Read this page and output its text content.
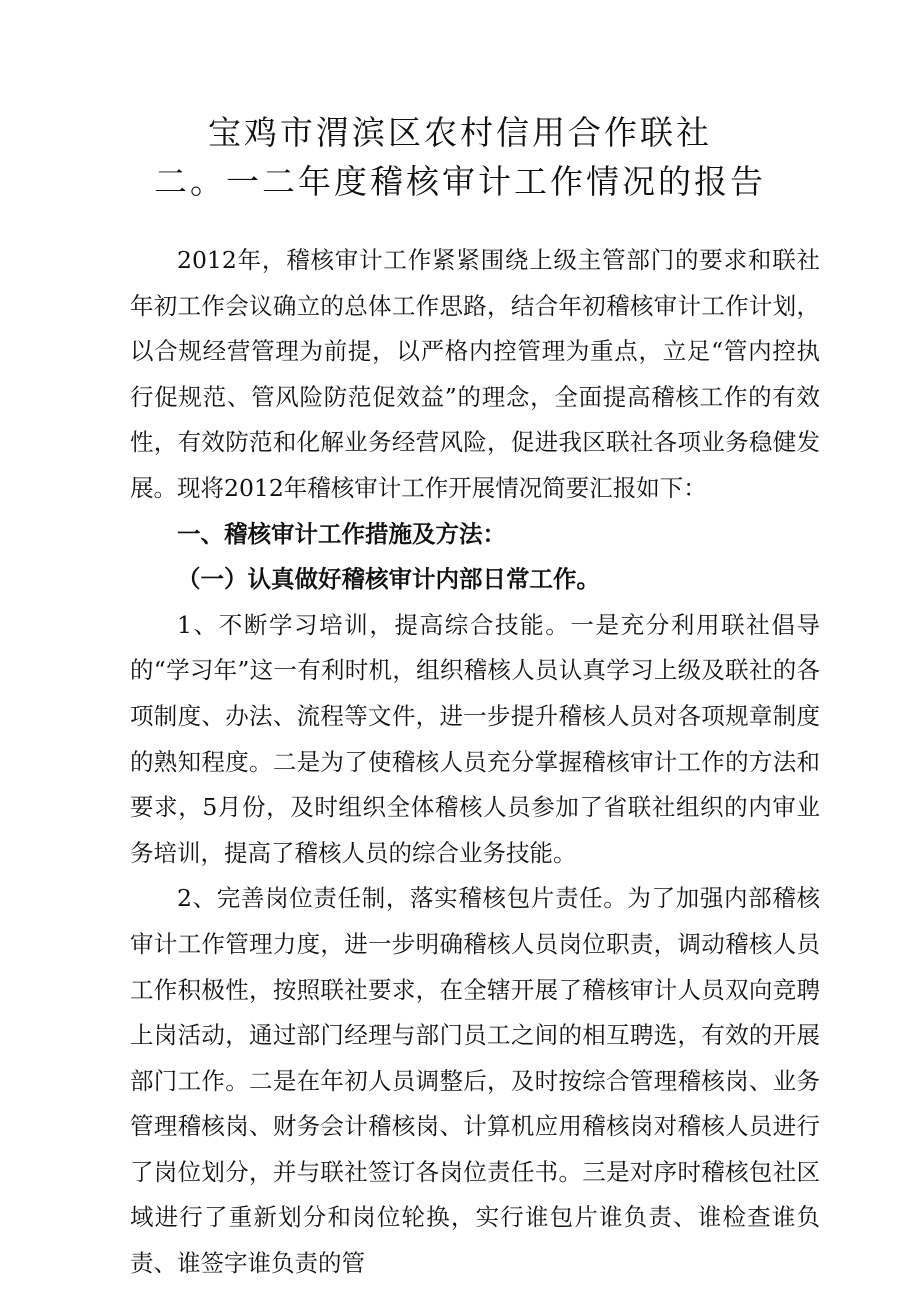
宝鸡市渭滨区农村信用合作联社
二。一二年度稽核审计工作情况的报告

2012年，稽核审计工作紧紧围绕上级主管部门的要求和联社年初工作会议确立的总体工作思路，结合年初稽核审计工作计划，以合规经营管理为前提，以严格内控管理为重点，立足“管内控执行促规范、管风险防范促效益”的理念，全面提高稽核工作的有效性，有效防范和化解业务经营风险，促进我区联社各项业务稳健发展。现将2012年稽核审计工作开展情况简要汇报如下：

一、稽核审计工作措施及方法：

（一）认真做好稽核审计内部日常工作。

1、不断学习培训，提高综合技能。一是充分利用联社倡导的“学习年”这一有利时机，组织稽核人员认真学习上级及联社的各项制度、办法、流程等文件，进一步提升稽核人员对各项规章制度的熟知程度。二是为了使稽核人员充分掌握稽核审计工作的方法和要求，5月份，及时组织全体稽核人员参加了省联社组织的内审业务培训，提高了稽核人员的综合业务技能。

2、完善岗位责任制，落实稽核包片责任。为了加强内部稽核审计工作管理力度，进一步明确稽核人员岗位职责，调动稽核人员工作积极性，按照联社要求，在全辖开展了稽核审计人员双向竞聘上岗活动，通过部门经理与部门员工之间的相互聘选，有效的开展部门工作。二是在年初人员调整后，及时按综合管理稽核岗、业务管理稽核岗、财务会计稽核岗、计算机应用稽核岗对稽核人员进行了岗位划分，并与联社签订各岗位责任书。三是对序时稽核包社区域进行了重新划分和岗位轮换，实行谁包片谁负责、谁检查谁负责、谁签字谁负责的管
